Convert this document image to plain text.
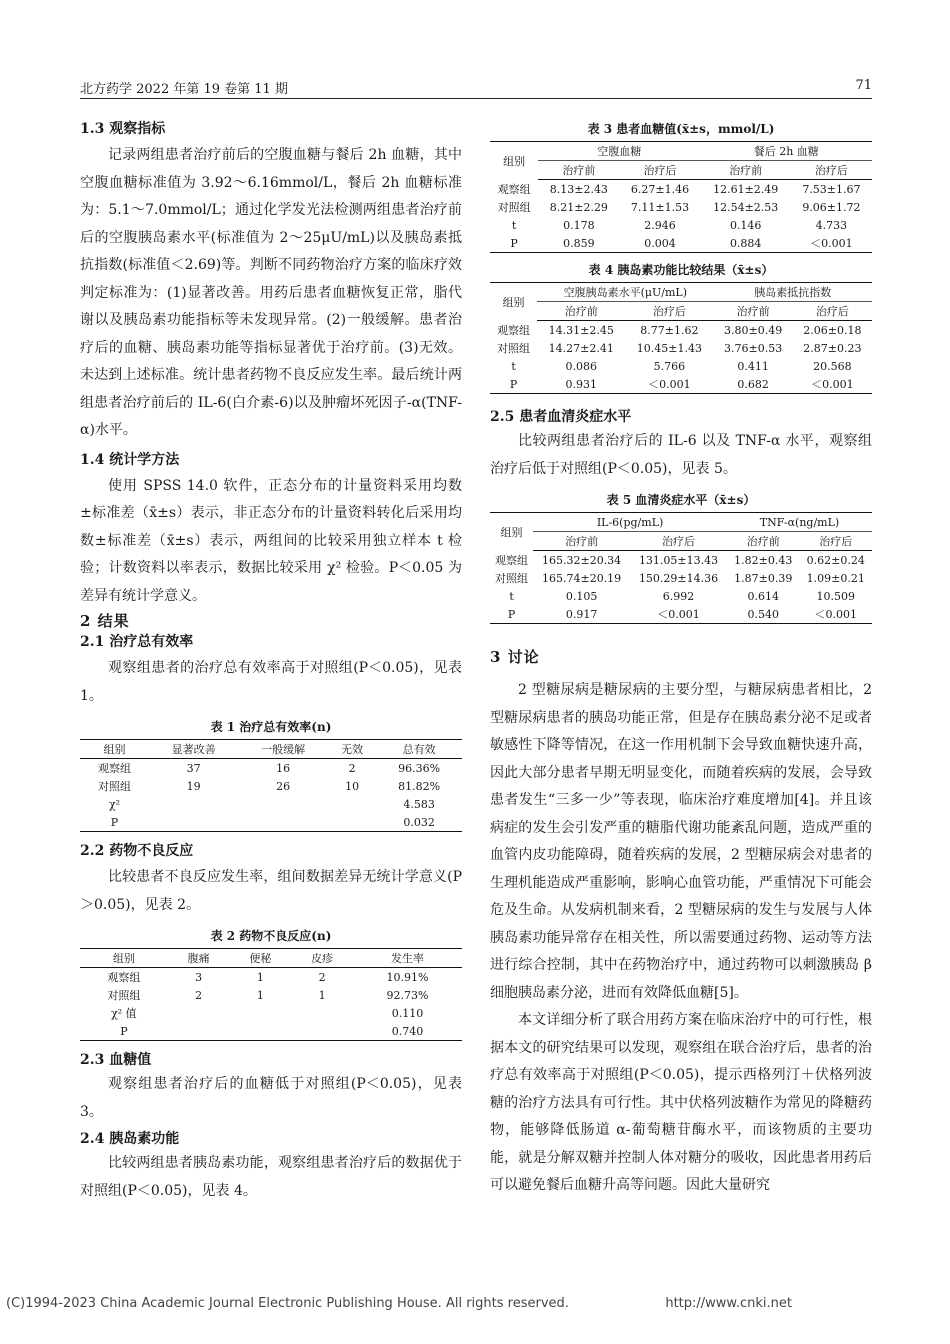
北方药学 2022 年第 19 卷第 11 期	71
1.3 观察指标

记录两组患者治疗前后的空腹血糖与餐后 2h 血糖，其中空腹血糖标准值为 3.92～6.16mmol/L，餐后 2h 血糖标准为：5.1～7.0mmol/L；通过化学发光法检测两组患者治疗前后的空腹胰岛素水平(标准值为 2～25μU/mL)以及胰岛素抵抗指数(标准值＜2.69)等。判断不同药物治疗方案的临床疗效判定标准为：(1)显著改善。用药后患者血糖恢复正常，脂代谢以及胰岛素功能指标等未发现异常。(2)一般缓解。患者治疗后的血糖、胰岛素功能等指标显著优于治疗前。(3)无效。未达到上述标准。统计患者药物不良反应发生率。最后统计两组患者治疗前后的 IL-6(白介素-6)以及肿瘤坏死因子-α(TNF-α)水平。

1.4 统计学方法

使用 SPSS 14.0 软件，正态分布的计量资料采用均数±标准差（x̄±s）表示，非正态分布的计量资料转化后采用均数±标准差（x̄±s）表示，两组间的比较采用独立样本 t 检验；计数资料以率表示，数据比较采用 χ² 检验。P＜0.05 为差异有统计学意义。

2 结果
2.1 治疗总有效率

观察组患者的治疗总有效率高于对照组(P＜0.05)，见表 1。

表 1 治疗总有效率(n)
组别	显著改善	一般缓解	无效	总有效
观察组	37	16	2	96.36%
对照组	19	26	10	81.82%
χ²				4.583
P				0.032
2.2 药物不良反应

比较患者不良反应发生率，组间数据差异无统计学意义(P＞0.05)，见表 2。

表 2 药物不良反应(n)
组别	腹痛	便秘	皮疹	发生率
观察组	3	1	2	10.91%
对照组	2	1	1	92.73%
χ² 值				0.110
P				0.740
2.3 血糖值

观察组患者治疗后的血糖低于对照组(P＜0.05)，见表 3。

2.4 胰岛素功能

比较两组患者胰岛素功能，观察组患者治疗后的数据优于对照组(P＜0.05)，见表 4。

表 3 患者血糖值(x̄±s，mmol/L)
组别	空腹血糖		餐后 2h 血糖	
	治疗前	治疗后	治疗前	治疗后
观察组	8.13±2.43	6.27±1.46	12.61±2.49	7.53±1.67
对照组	8.21±2.29	7.11±1.53	12.54±2.53	9.06±1.72
t	0.178	2.946	0.146	4.733
P	0.859	0.004	0.884	＜0.001
表 4 胰岛素功能比较结果（x̄±s）
组别	空腹胰岛素水平(μU/mL)		胰岛素抵抗指数	
	治疗前	治疗后	治疗前	治疗后
观察组	14.31±2.45	8.77±1.62	3.80±0.49	2.06±0.18
对照组	14.27±2.41	10.45±1.43	3.76±0.53	2.87±0.23
t	0.086	5.766	0.411	20.568
P	0.931	＜0.001	0.682	＜0.001
2.5 患者血清炎症水平

比较两组患者治疗后的 IL-6 以及 TNF-α 水平，观察组治疗后低于对照组(P＜0.05)，见表 5。

表 5 血清炎症水平（x̄±s）
组别	IL-6(pg/mL)		TNF-α(ng/mL)	
	治疗前	治疗后	治疗前	治疗后
观察组	165.32±20.34	131.05±13.43	1.82±0.43	0.62±0.24
对照组	165.74±20.19	150.29±14.36	1.87±0.39	1.09±0.21
t	0.105	6.992	0.614	10.509
P	0.917	＜0.001	0.540	＜0.001
3 讨论

2 型糖尿病是糖尿病的主要分型，与糖尿病患者相比，2 型糖尿病患者的胰岛功能正常，但是存在胰岛素分泌不足或者敏感性下降等情况，在这一作用机制下会导致血糖快速升高，因此大部分患者早期无明显变化，而随着疾病的发展，会导致患者发生“三多一少”等表现，临床治疗难度增加[4]。并且该病症的发生会引发严重的糖脂代谢功能紊乱问题，造成严重的血管内皮功能障碍，随着疾病的发展，2 型糖尿病会对患者的生理机能造成严重影响，影响心血管功能，严重情况下可能会危及生命。从发病机制来看，2 型糖尿病的发生与发展与人体胰岛素功能异常存在相关性，所以需要通过药物、运动等方法进行综合控制，其中在药物治疗中，通过药物可以刺激胰岛 β 细胞胰岛素分泌，进而有效降低血糖[5]。

本文详细分析了联合用药方案在临床治疗中的可行性，根据本文的研究结果可以发现，观察组在联合治疗后，患者的治疗总有效率高于对照组(P＜0.05)，提示西格列汀＋伏格列波糖的治疗方法具有可行性。其中伏格列波糖作为常见的降糖药物，能够降低肠道 α-葡萄糖苷酶水平，而该物质的主要功能，就是分解双糖并控制人体对糖分的吸收，因此患者用药后可以避免餐后血糖升高等问题。因此大量研究

(C)1994-2023 China Academic Journal Electronic Publishing House. All rights reserved.	http://www.cnki.net
